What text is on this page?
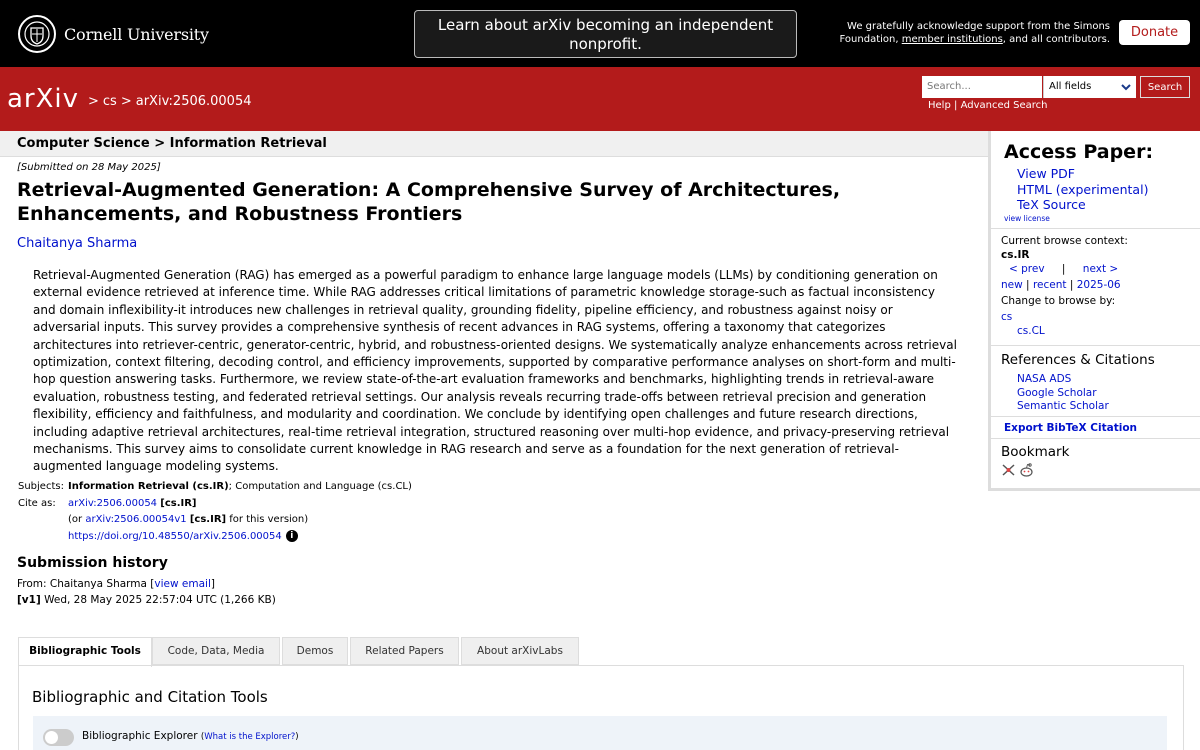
Cornell University	Learn about arXiv becoming an independent nonprofit.
We gratefully acknowledge support from the Simons Foundation, member institutions, and all contributors.	Donate
arXiv > cs > arXiv:2506.00054
Search...	All fields	Search
Help | Advanced Search
Computer Science > Information Retrieval
[Submitted on 28 May 2025]
Retrieval-Augmented Generation: A Comprehensive Survey of Architectures, Enhancements, and Robustness Frontiers
Chaitanya Sharma
Retrieval-Augmented Generation (RAG) has emerged as a powerful paradigm to enhance large language models (LLMs) by conditioning generation on external evidence retrieved at inference time. While RAG addresses critical limitations of parametric knowledge storage-such as factual inconsistency and domain inflexibility-it introduces new challenges in retrieval quality, grounding fidelity, pipeline efficiency, and robustness against noisy or adversarial inputs. This survey provides a comprehensive synthesis of recent advances in RAG systems, offering a taxonomy that categorizes architectures into retriever-centric, generator-centric, hybrid, and robustness-oriented designs. We systematically analyze enhancements across retrieval optimization, context filtering, decoding control, and efficiency improvements, supported by comparative performance analyses on short-form and multi-hop question answering tasks. Furthermore, we review state-of-the-art evaluation frameworks and benchmarks, highlighting trends in retrieval-aware evaluation, robustness testing, and federated retrieval settings. Our analysis reveals recurring trade-offs between retrieval precision and generation flexibility, efficiency and faithfulness, and modularity and coordination. We conclude by identifying open challenges and future research directions, including adaptive retrieval architectures, real-time retrieval integration, structured reasoning over multi-hop evidence, and privacy-preserving retrieval mechanisms. This survey aims to consolidate current knowledge in RAG research and serve as a foundation for the next generation of retrieval-augmented language modeling systems.
Subjects: Information Retrieval (cs.IR); Computation and Language (cs.CL)
Cite as: arXiv:2506.00054 [cs.IR]
(or arXiv:2506.00054v1 [cs.IR] for this version)
https://doi.org/10.48550/arXiv.2506.00054 i
Submission history
From: Chaitanya Sharma [view email]
[v1] Wed, 28 May 2025 22:57:04 UTC (1,266 KB)
Bibliographic Tools	Code, Data, Media	Demos	Related Papers	About arXivLabs
Bibliographic and Citation Tools
Bibliographic Explorer (What is the Explorer?)
Access Paper:
View PDF
HTML (experimental)
TeX Source
view license
Current browse context:
cs.IR
< prev | next >
new | recent | 2025-06
Change to browse by:
cs
cs.CL
References & Citations
NASA ADS
Google Scholar
Semantic Scholar
Export BibTeX Citation
Bookmark
